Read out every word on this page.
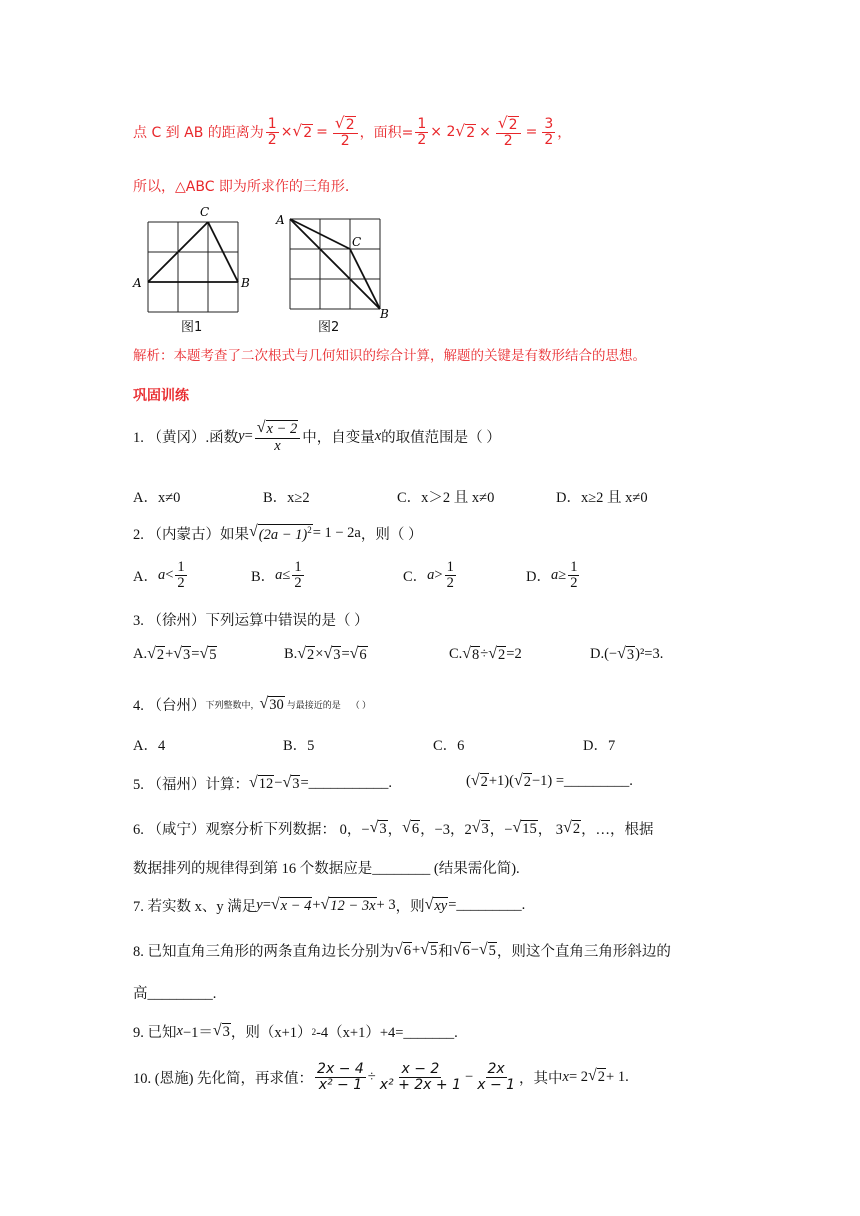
点 C 到 AB 的距离为 $\frac{1}{2}$ × √ $2 = \frac{√ 2}{2}$ ，面积= $\frac{1}{2} \times 2$ √ $2 \times \frac{√ 2}{2} = \frac{3}{2}$ ，
所以，△ABC 即为所求作的三角形.
A	B
C
图1
A
C
B
图2
解析：本题考查了二次根式与几何知识的综合计算，解题的关键是有数形结合的思想。
巩固训练
1. （黄冈）.函数 $y = \frac{√ x - 2}{x}$ 中，自变量 x 的取值范围是（ ）
A．x≠0	B．x≥2	C．x＞2 且 x≠0	D．x≥2 且 x≠0
2. （内蒙古）如果 √ $(2a - 1)^2 = 1 - 2a$ ，则（ ）
A． $a < \frac{1}{2}$	B． $a \le \frac{1}{2}$	C． $a > \frac{1}{2}$	D． $a \ge \frac{1}{2}$
3. （徐州）下列运算中错误的是（ ）
A. √ 2 + √ 3 = √ 5	B. √ 2 × √ 3 = √ 6	C. √ 8 ÷ √ 2 =2	D.(− √ 3 )²=3.
4. （台州） 下列整数中， √ 30 与最接近的是 （ ）
A．4	B．5	C．6	D．7
5. （福州）计算： √ 12 − √ 3 = ___________.	( √ 2 +1)( √ 2 −1) = _________.
6. （咸宁）观察分析下列数据： 0，− √ 3 ， √ 6 ，−3，2 √ 3 ，− √ 15 ， 3 √ 2 ，…，根据
数据排列的规律得到第 16 个数据应是________ (结果需化简).
7. 若实数 x、y 满足 y = √ x − 4 + √ 12 − 3x + 3 ，则 √ xy = _________.
8. 已知直角三角形的两条直角边长分别为 √ 6 + √ 5 和 √ 6 − √ 5 ，则这个直角三角形斜边的
高_________.
9. 已知 x −1＝ √ 3 ，则（x+1） 2 -4（x+1）+4=_______.
10. (恩施) 先化简，再求值： $\frac{2x - 4}{\text{x² − 1}} \div \frac{x - 2}{\text{x² + 2x + 1}} - \frac{2x}{x - 1}$ ，其中 x = 2 √ 2 + 1.
